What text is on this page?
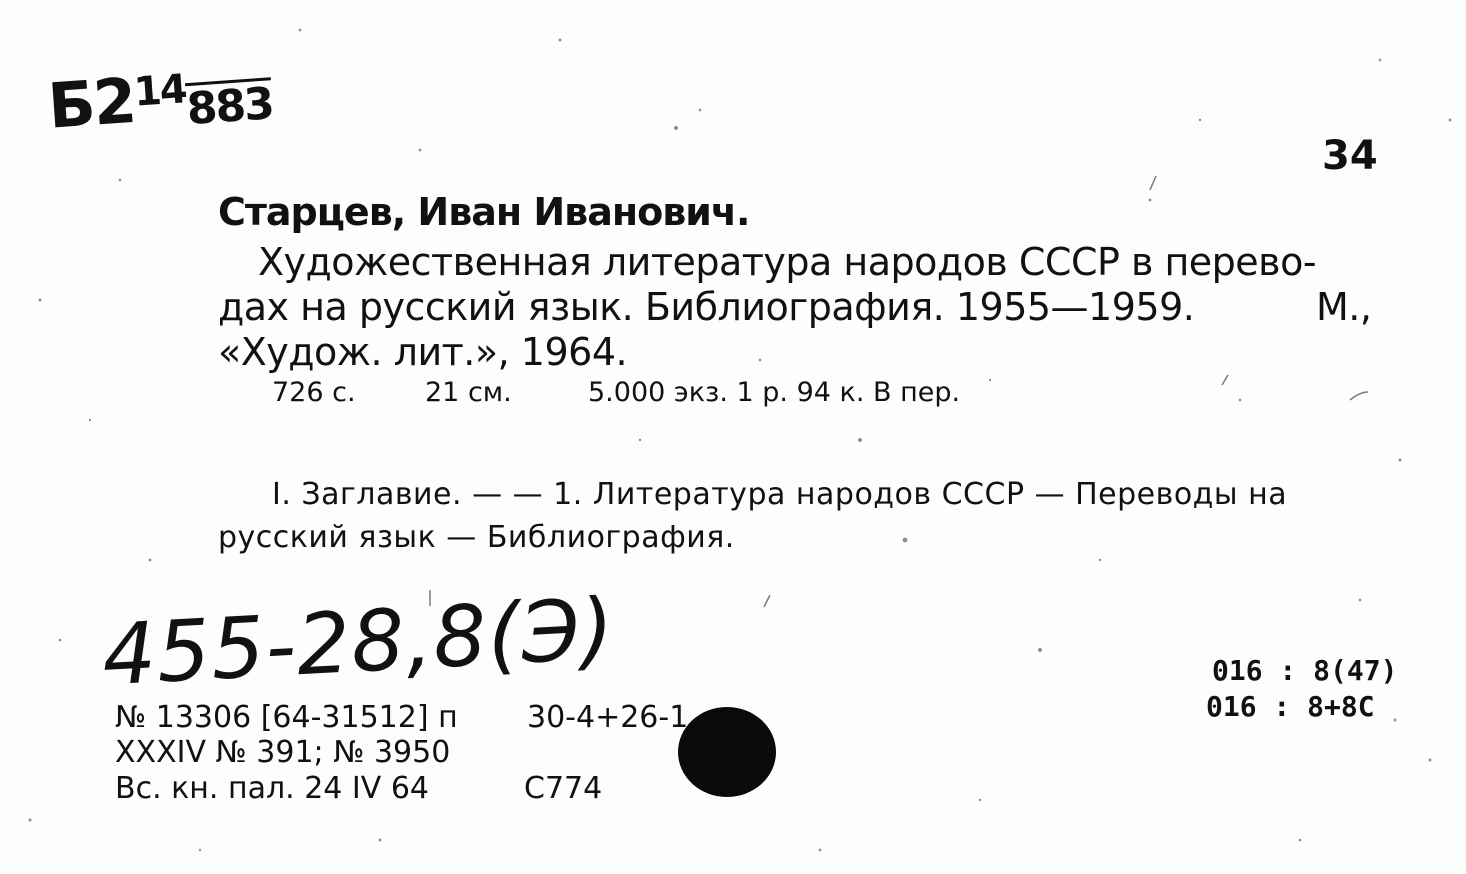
$Б2^{14}883$
34
Старцев, Иван Иванович.
Художественная литература народов СССР в перево-
дах на русский язык. Библиография. 1955—1959.	М.,
«Худож. лит.», 1964.
726 с.	21 см.	5.000 экз. 1 р. 94 к. В пер.
I. Заглавие. — — 1. Литература народов СССР — Переводы на
русский язык — Библиография.
455-28,8(Э)	016 : 8(47)
016 : 8+8С
№ 13306 [64-31512] п 30-4+26-1
XXXIV № 391; № 3950
Вс. кн. пал. 24 IV 64	С774
